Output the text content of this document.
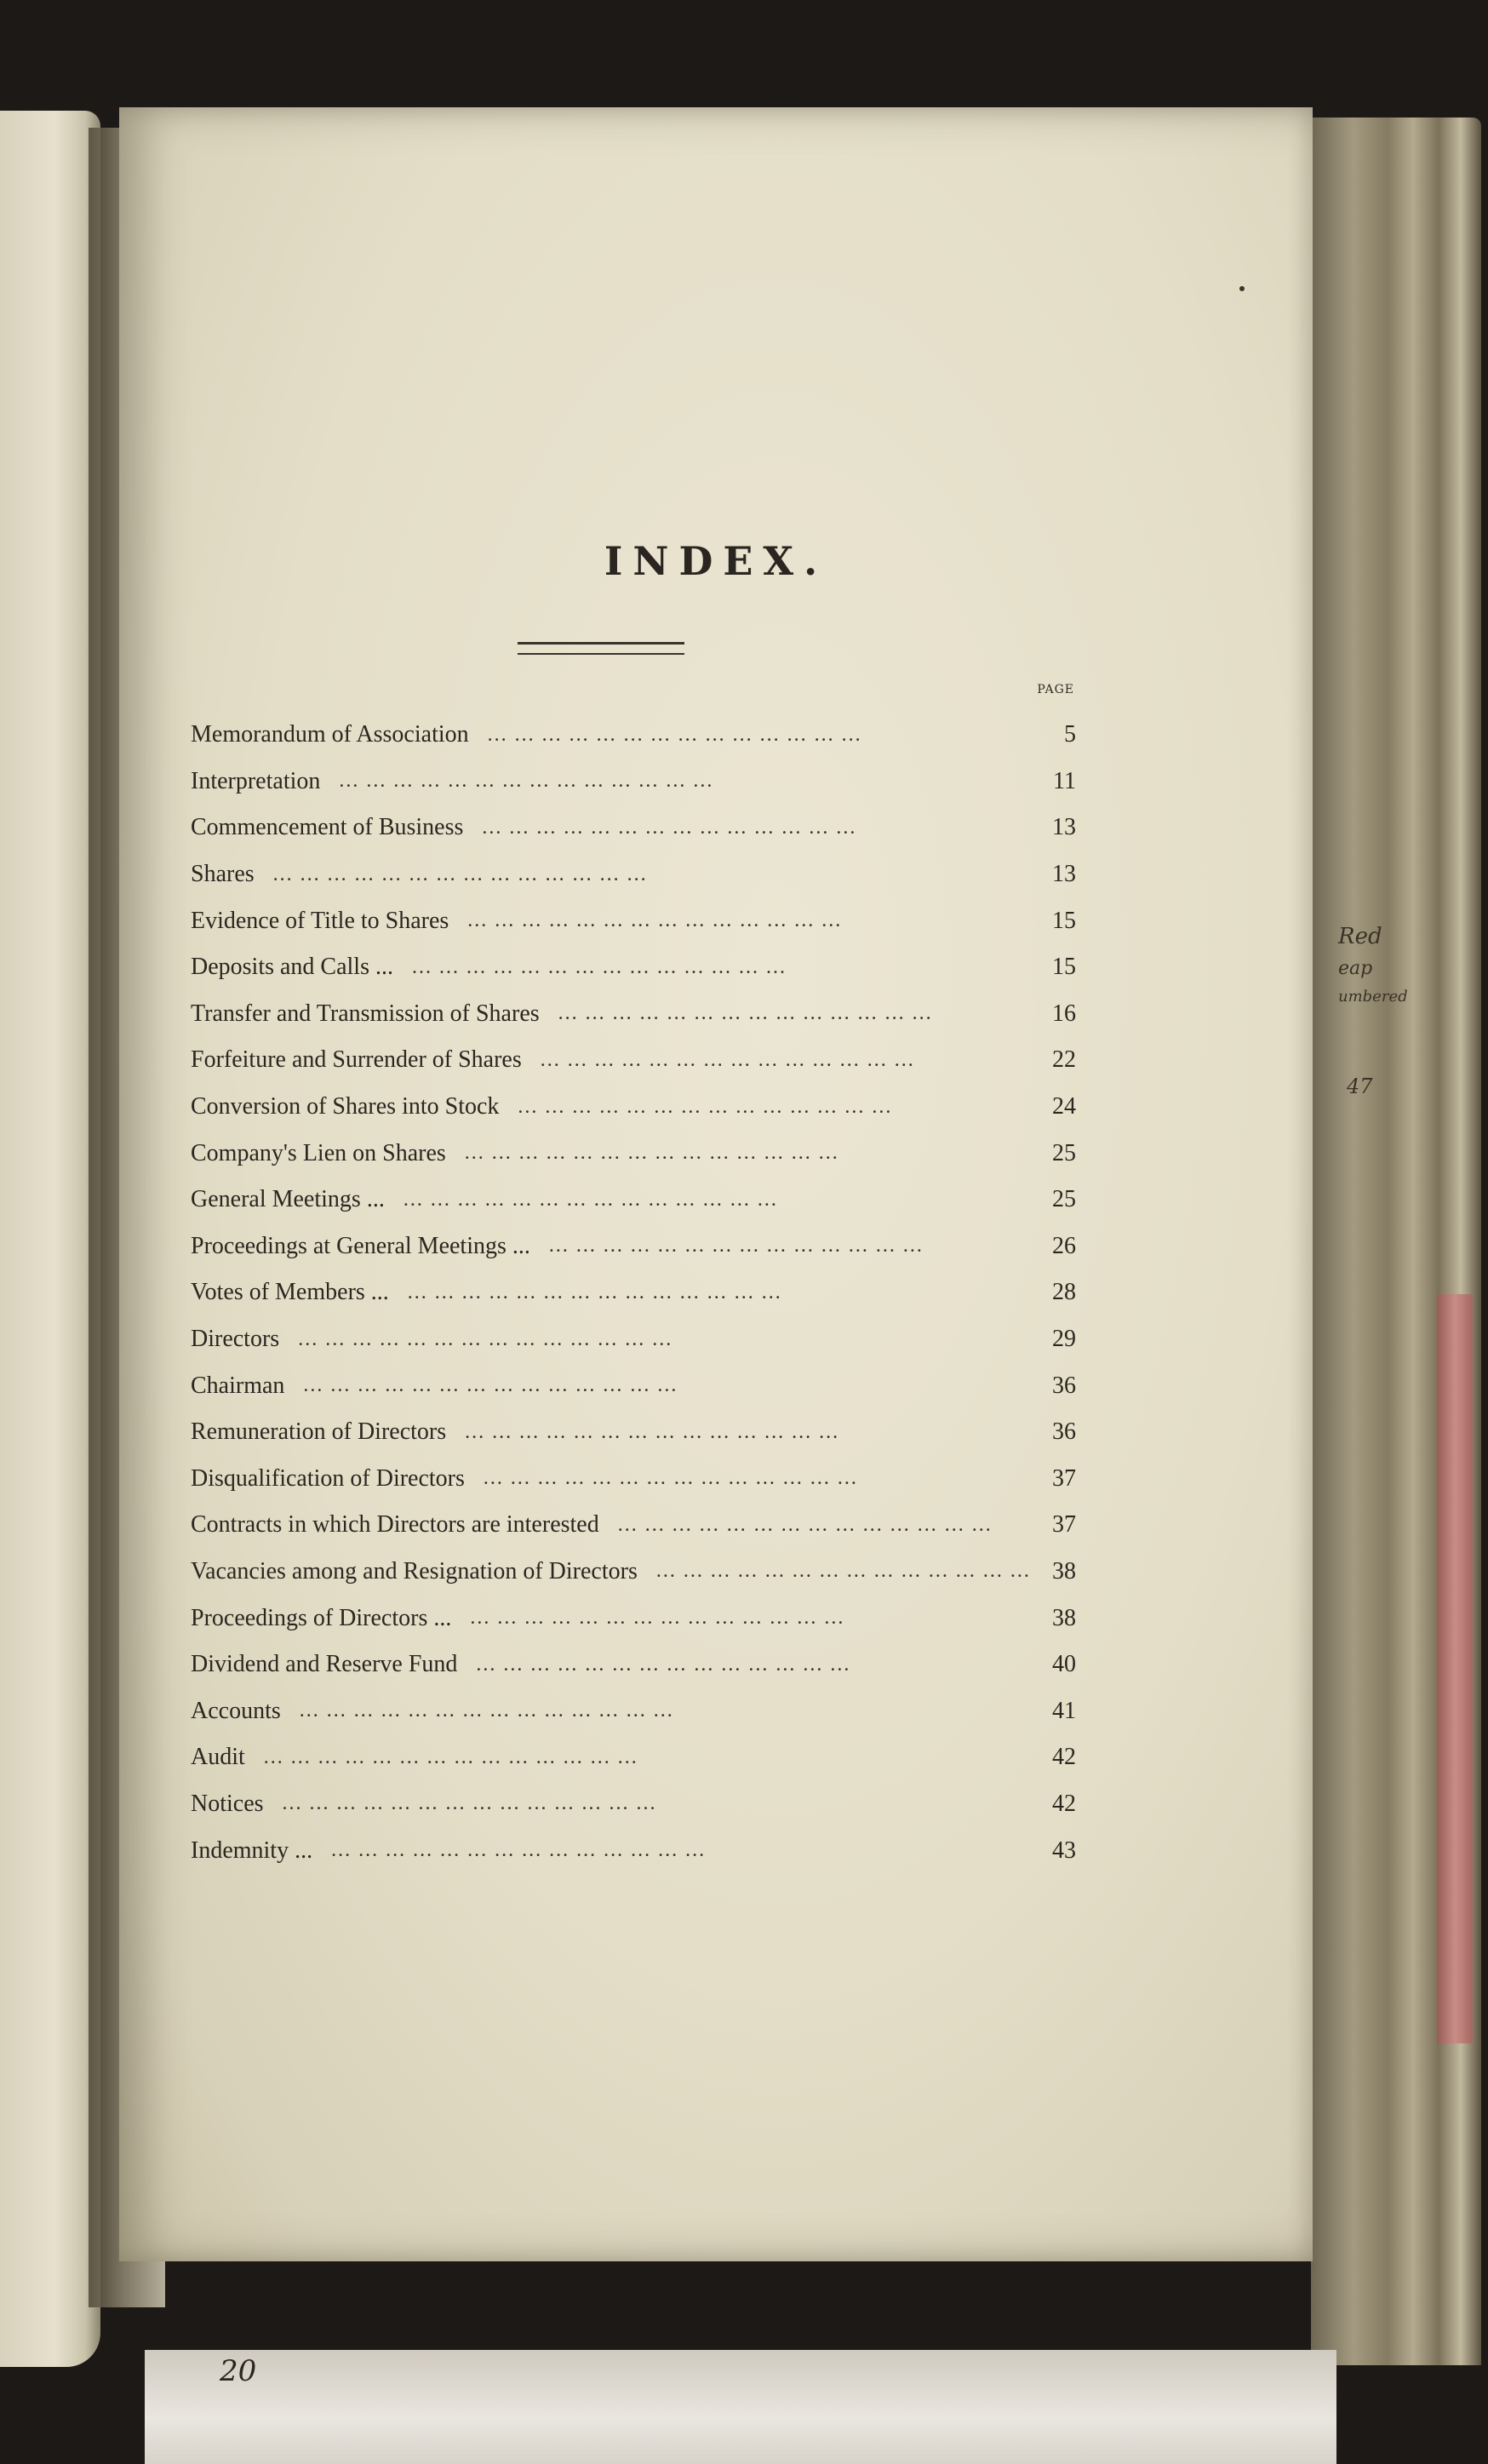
Red
eap
umbered
47
20
INDEX.
PAGE
Memorandum of Association ... ... ... ... ... ... ... ... ... ... ... ... ... ...	5
Interpretation ... ... ... ... ... ... ... ... ... ... ... ... ... ...	11
Commencement of Business ... ... ... ... ... ... ... ... ... ... ... ... ... ...	13
Shares ... ... ... ... ... ... ... ... ... ... ... ... ... ...	13
Evidence of Title to Shares ... ... ... ... ... ... ... ... ... ... ... ... ... ...	15
Deposits and Calls ... ... ... ... ... ... ... ... ... ... ... ... ... ... ...	15
Transfer and Transmission of Shares ... ... ... ... ... ... ... ... ... ... ... ... ... ...	16
Forfeiture and Surrender of Shares ... ... ... ... ... ... ... ... ... ... ... ... ... ...	22
Conversion of Shares into Stock ... ... ... ... ... ... ... ... ... ... ... ... ... ...	24
Company's Lien on Shares ... ... ... ... ... ... ... ... ... ... ... ... ... ...	25
General Meetings ... ... ... ... ... ... ... ... ... ... ... ... ... ... ...	25
Proceedings at General Meetings ... ... ... ... ... ... ... ... ... ... ... ... ... ... ...	26
Votes of Members ... ... ... ... ... ... ... ... ... ... ... ... ... ... ...	28
Directors ... ... ... ... ... ... ... ... ... ... ... ... ... ...	29
Chairman ... ... ... ... ... ... ... ... ... ... ... ... ... ...	36
Remuneration of Directors ... ... ... ... ... ... ... ... ... ... ... ... ... ...	36
Disqualification of Directors ... ... ... ... ... ... ... ... ... ... ... ... ... ...	37
Contracts in which Directors are interested ... ... ... ... ... ... ... ... ... ... ... ... ... ...	37
Vacancies among and Resignation of Directors ... ... ... ... ... ... ... ... ... ... ... ... ... ... 38
Proceedings of Directors ... ... ... ... ... ... ... ... ... ... ... ... ... ... ...	38
Dividend and Reserve Fund ... ... ... ... ... ... ... ... ... ... ... ... ... ...	40
Accounts ... ... ... ... ... ... ... ... ... ... ... ... ... ...	41
Audit ... ... ... ... ... ... ... ... ... ... ... ... ... ...	42
Notices ... ... ... ... ... ... ... ... ... ... ... ... ... ...	42
Indemnity ... ... ... ... ... ... ... ... ... ... ... ... ... ... ...	43
